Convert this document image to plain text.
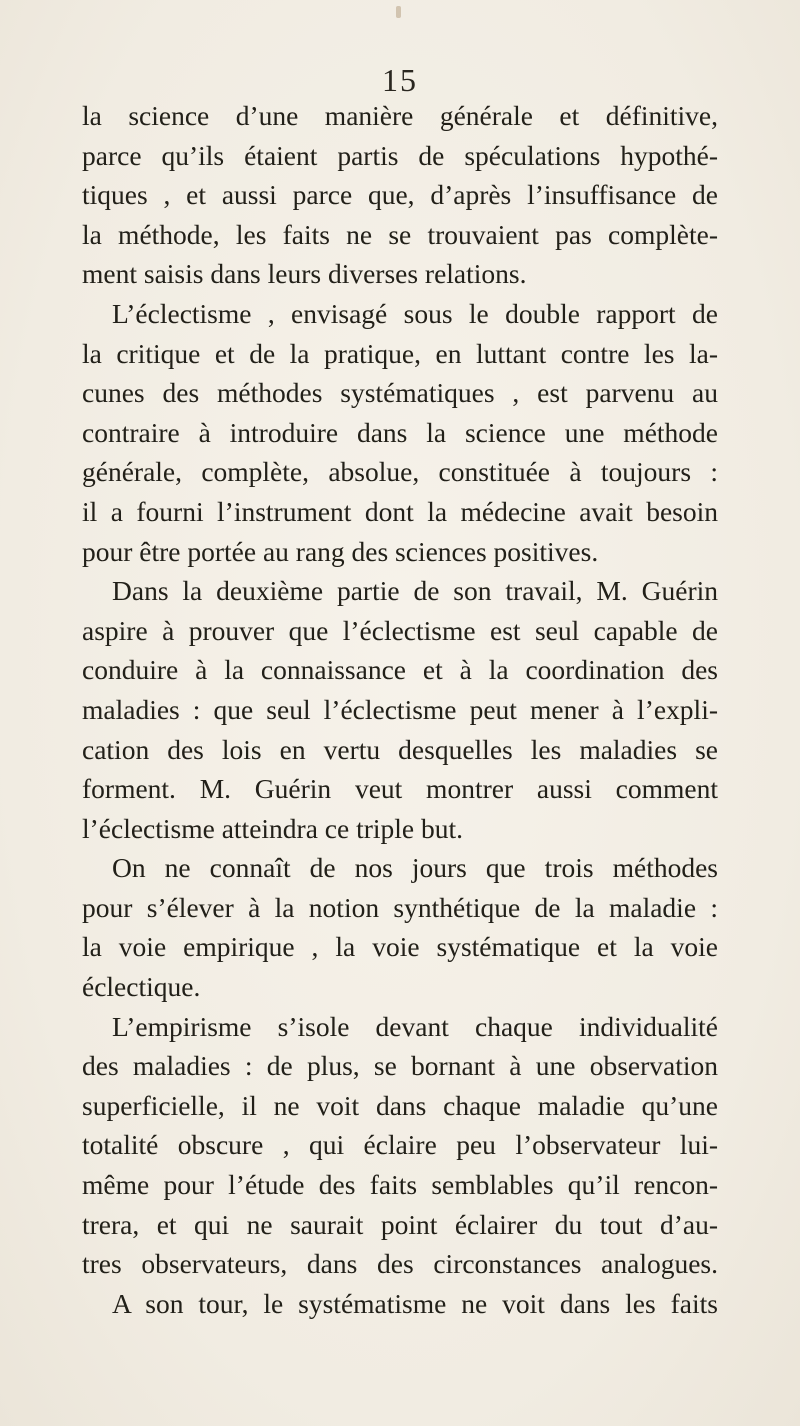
15
la science d’une manière générale et définitive,
parce qu’ils étaient partis de spéculations hypothé-
tiques , et aussi parce que, d’après l’insuffisance de
la méthode, les faits ne se trouvaient pas complète-
ment saisis dans leurs diverses relations.
L’éclectisme , envisagé sous le double rapport de
la critique et de la pratique, en luttant contre les la-
cunes des méthodes systématiques , est parvenu au
contraire à introduire dans la science une méthode
générale, complète, absolue, constituée à toujours :
il a fourni l’instrument dont la médecine avait besoin
pour être portée au rang des sciences positives.
Dans la deuxième partie de son travail, M. Guérin
aspire à prouver que l’éclectisme est seul capable de
conduire à la connaissance et à la coordination des
maladies : que seul l’éclectisme peut mener à l’expli-
cation des lois en vertu desquelles les maladies se
forment. M. Guérin veut montrer aussi comment
l’éclectisme atteindra ce triple but.
On ne connaît de nos jours que trois méthodes
pour s’élever à la notion synthétique de la maladie :
la voie empirique , la voie systématique et la voie
éclectique.
L’empirisme s’isole devant chaque individualité
des maladies : de plus, se bornant à une observation
superficielle, il ne voit dans chaque maladie qu’une
totalité obscure , qui éclaire peu l’observateur lui-
même pour l’étude des faits semblables qu’il rencon-
trera, et qui ne saurait point éclairer du tout d’au-
tres observateurs, dans des circonstances analogues.
A son tour, le systématisme ne voit dans les faits
